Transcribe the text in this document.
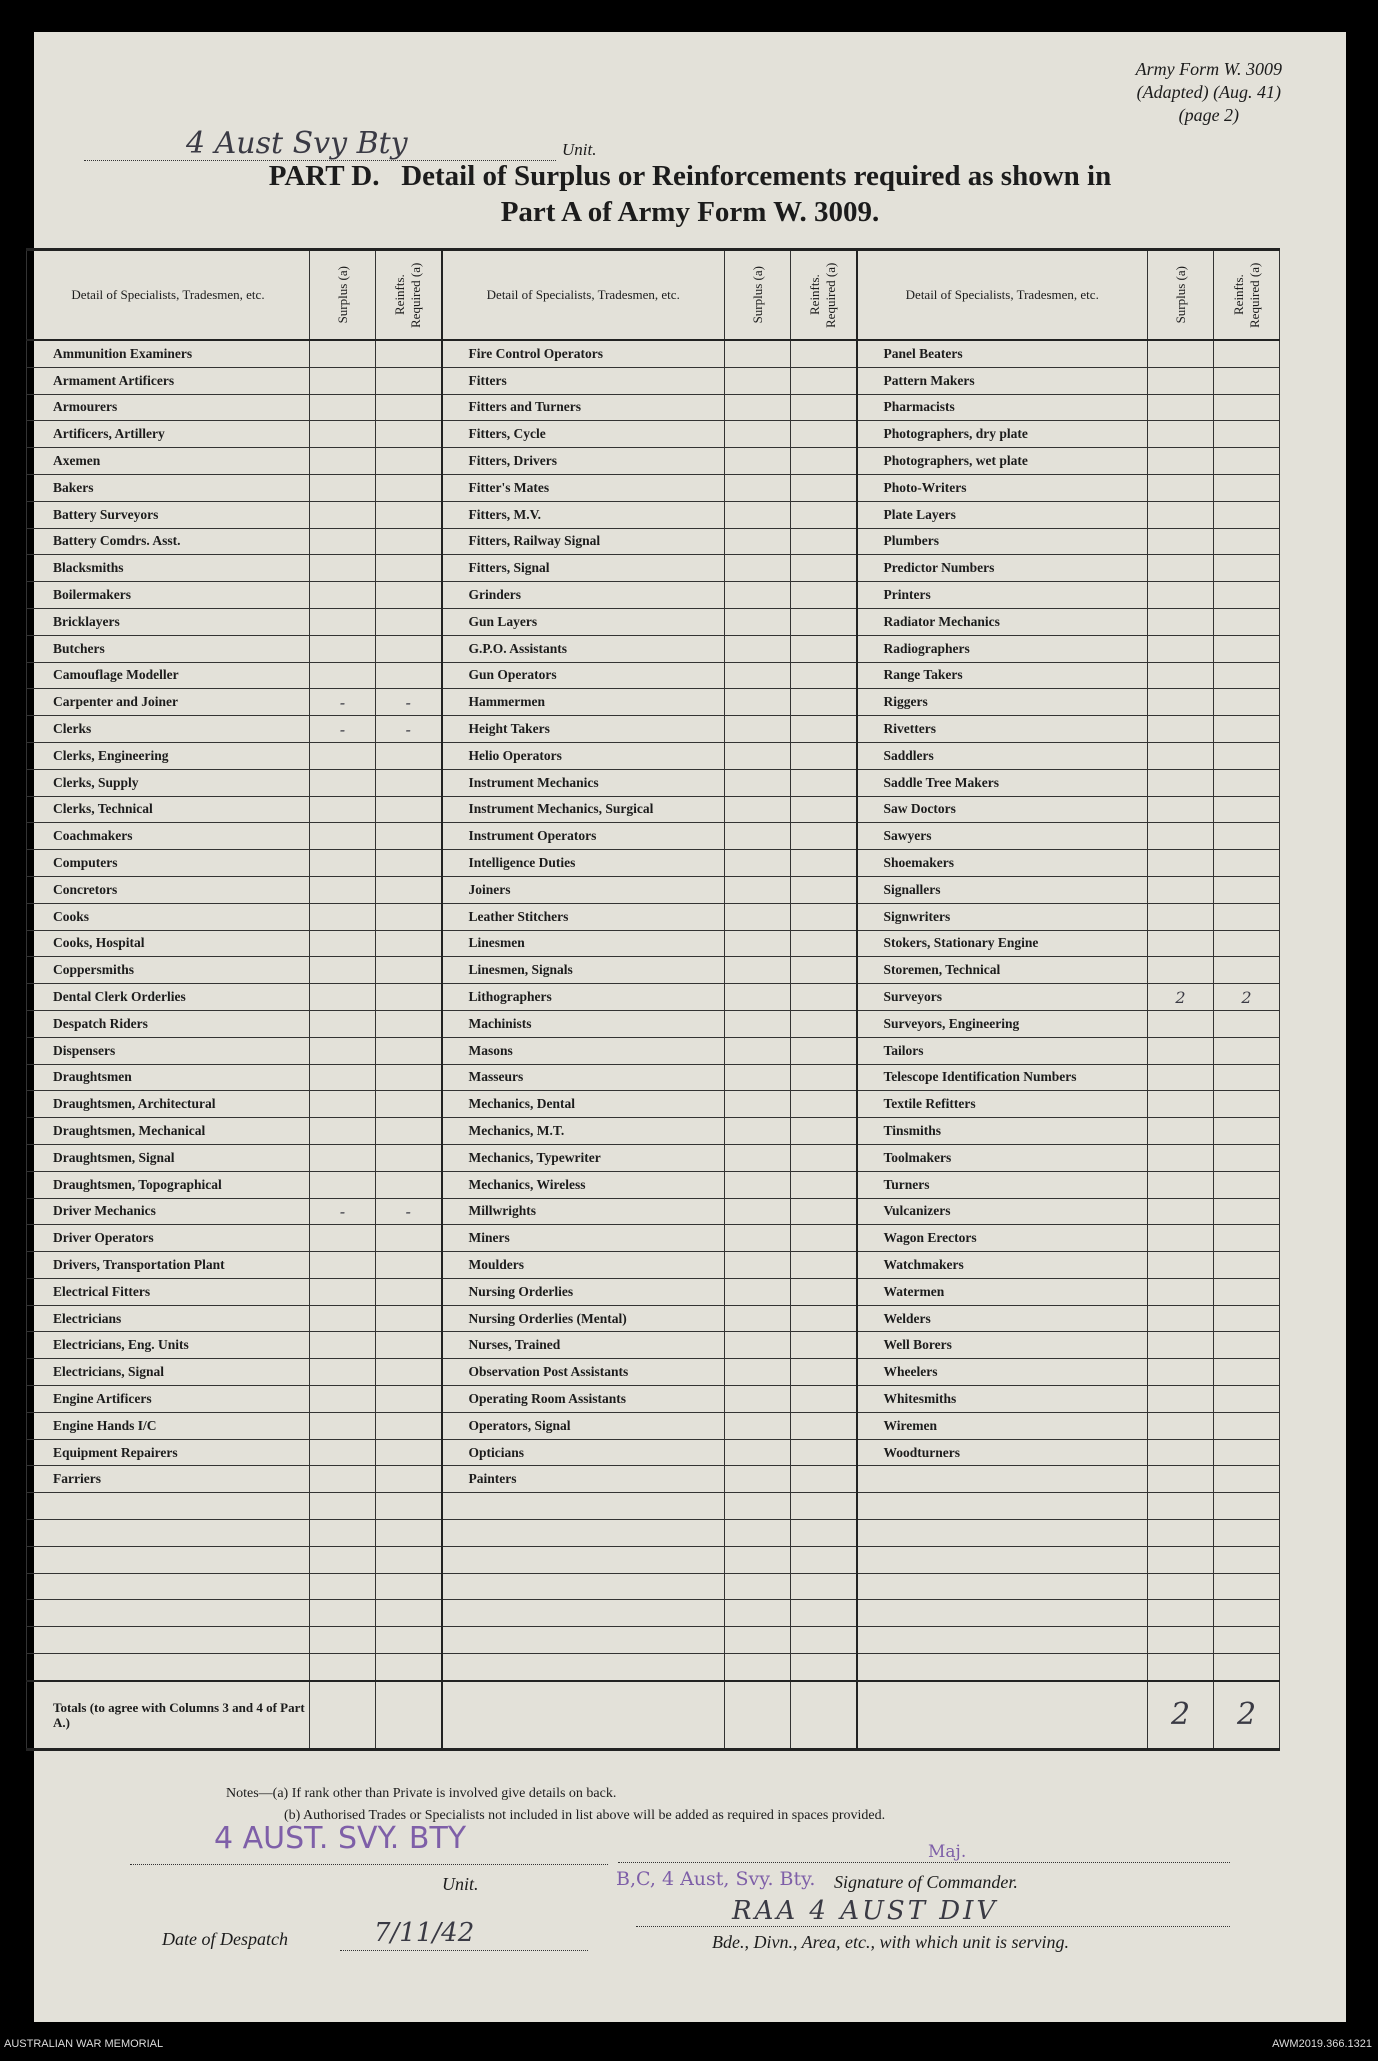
4 Aust Svy Bty	Unit.
Army Form W. 3009
(Adapted) (Aug. 41)
(page 2)
PART D.   Detail of Surplus or Reinforcements required as shown in
Part A of Army Form W. 3009.
Detail of Specialists, Tradesmen, etc.	Surplus (a)	Reinfts. Required (a)	Detail of Specialists, Tradesmen, etc.	Surplus (a)	Reinfts. Required (a)	Detail of Specialists, Tradesmen, etc.	Surplus (a)	Reinfts. Required (a)

Ammunition Examiners			Fire Control Operators			Panel Beaters		
Armament Artificers			Fitters			Pattern Makers		
Armourers			Fitters and Turners			Pharmacists		
Artificers, Artillery			Fitters, Cycle			Photographers, dry plate		
Axemen			Fitters, Drivers			Photographers, wet plate		
Bakers			Fitter's Mates			Photo-Writers		
Battery Surveyors			Fitters, M.V.			Plate Layers		
Battery Comdrs. Asst.			Fitters, Railway Signal			Plumbers		
Blacksmiths			Fitters, Signal			Predictor Numbers		
Boilermakers			Grinders			Printers		
Bricklayers			Gun Layers			Radiator Mechanics		
Butchers			G.P.O. Assistants			Radiographers		
Camouflage Modeller			Gun Operators			Range Takers		
Carpenter and Joiner	-	-	Hammermen			Riggers		
Clerks	-	-	Height Takers			Rivetters		
Clerks, Engineering			Helio Operators			Saddlers		
Clerks, Supply			Instrument Mechanics			Saddle Tree Makers		
Clerks, Technical			Instrument Mechanics, Surgical			Saw Doctors		
Coachmakers			Instrument Operators			Sawyers		
Computers			Intelligence Duties			Shoemakers		
Concretors			Joiners			Signallers		
Cooks			Leather Stitchers			Signwriters		
Cooks, Hospital			Linesmen			Stokers, Stationary Engine		
Coppersmiths			Linesmen, Signals			Storemen, Technical		
Dental Clerk Orderlies			Lithographers			Surveyors	2	2
Despatch Riders			Machinists			Surveyors, Engineering		
Dispensers			Masons			Tailors		
Draughtsmen			Masseurs			Telescope Identification Numbers		
Draughtsmen, Architectural			Mechanics, Dental			Textile Refitters		
Draughtsmen, Mechanical			Mechanics, M.T.			Tinsmiths		
Draughtsmen, Signal			Mechanics, Typewriter			Toolmakers		
Draughtsmen, Topographical			Mechanics, Wireless			Turners		
Driver Mechanics	-	-	Millwrights			Vulcanizers		
Driver Operators			Miners			Wagon Erectors		
Drivers, Transportation Plant			Moulders			Watchmakers		
Electrical Fitters			Nursing Orderlies			Watermen		
Electricians			Nursing Orderlies (Mental)			Welders		
Electricians, Eng. Units			Nurses, Trained			Well Borers		
Electricians, Signal			Observation Post Assistants			Wheelers		
Engine Artificers			Operating Room Assistants			Whitesmiths		
Engine Hands I/C			Operators, Signal			Wiremen		
Equipment Repairers			Opticians			Woodturners		
Farriers			Painters					

Totals (to agree with Columns 3 and 4 of Part A.)							2	2
Notes—(a) If rank other than Private is involved give details on back.
(b) Authorised Trades or Specialists not included in list above will be added as required in spaces provided.
4 AUST. SVY. BTY
Unit.
Maj.
B,C, 4 Aust, Svy. Bty. Signature of Commander.
Date of Despatch	7/11/42
RAA 4 AUST DIV
Bde., Divn., Area, etc., with which unit is serving.
AUSTRALIAN WAR MEMORIAL	AWM2019.366.1321
